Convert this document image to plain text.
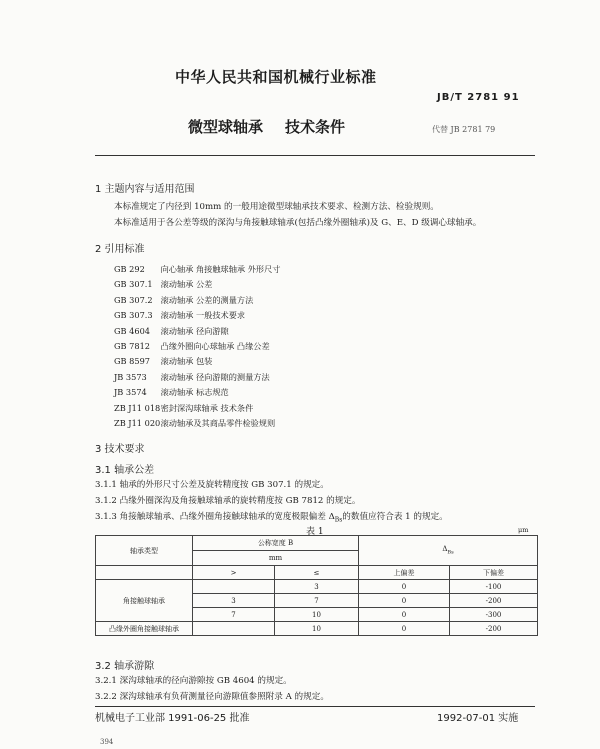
中华人民共和国机械行业标准
JB/T 2781 91
微型球轴承 技术条件	代替 JB 2781 79
1 主题内容与适用范围
本标准规定了内径到 10mm 的一般用途微型球轴承技术要求、检测方法、检验规则。
本标准适用于各公差等级的深沟与角接触球轴承(包括凸缘外圈轴承)及 G、E、D 级调心球轴承。
2 引用标准
GB 292 向心轴承 角接触球轴承 外形尺寸
GB 307.1 滚动轴承 公差
GB 307.2 滚动轴承 公差的测量方法
GB 307.3 滚动轴承 一般技术要求
GB 4604 滚动轴承 径向游隙
GB 7812 凸缘外圈向心球轴承 凸缘公差
GB 8597 滚动轴承 包装
JB 3573 滚动轴承 径向游隙的测量方法
JB 3574 滚动轴承 标志规范
ZB J11 018 密封深沟球轴承 技术条件
ZB J11 020 滚动轴承及其商品零件检验规则
3 技术要求
3.1 轴承公差
3.1.1 轴承的外形尺寸公差及旋转精度按 GB 307.1 的规定。
3.1.2 凸缘外圈深沟及角接触球轴承的旋转精度按 GB 7812 的规定。
3.1.3 角接触球轴承、凸缘外圈角接触球轴承的宽度极限偏差 $\Delta_{Bs}$的数值应符合表 1 的规定。
表 1	μm
轴承类型	公称宽度 B		$\Delta_{Bs}$
	mm			
	>	≤	上偏差	下偏差
角接触球轴承		3	0	-100
	3	7	0	-200
	7	10	0	-300
凸缘外圈角接触球轴承		10	0	-200
3.2 轴承游隙
3.2.1 深沟球轴承的径向游隙按 GB 4604 的规定。
3.2.2 深沟球轴承有负荷测量径向游隙值参照附录 A 的规定。
机械电子工业部 1991-06-25 批准	1992-07-01 实施
394
